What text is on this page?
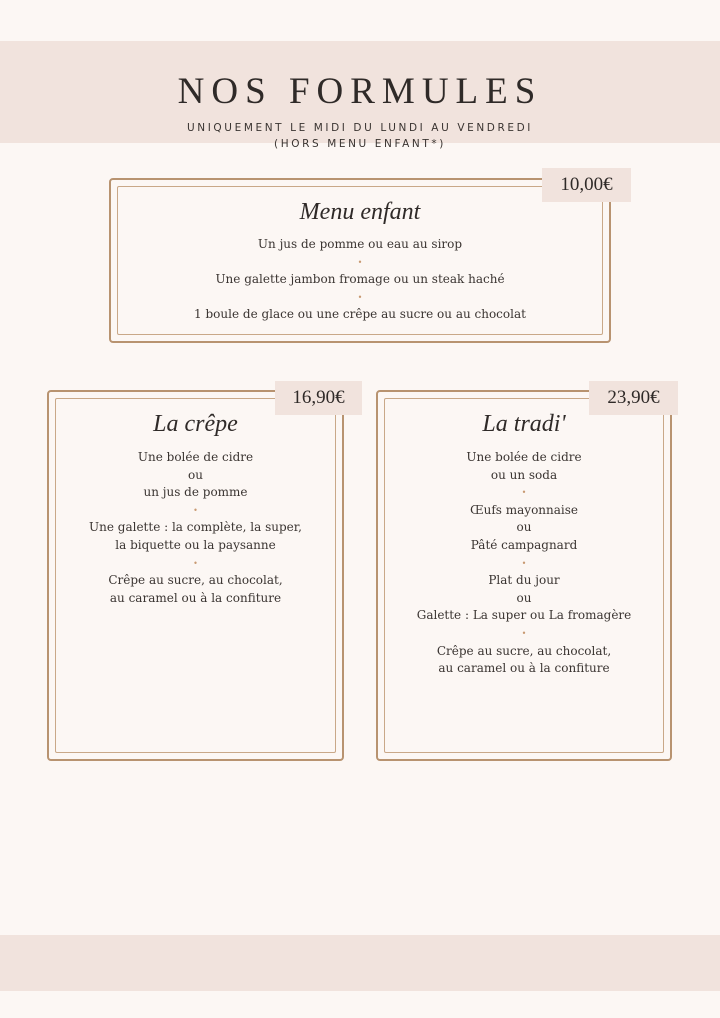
NOS FORMULES
UNIQUEMENT LE MIDI DU LUNDI AU VENDREDI
(HORS MENU ENFANT*)
10,00€
Menu enfant
Un jus de pomme ou eau au sirop
•
Une galette jambon fromage ou un steak haché
•
1 boule de glace ou une crêpe au sucre ou au chocolat
16,90€
La crêpe
Une bolée de cidre
ou
un jus de pomme
•
Une galette : la complète, la super,
la biquette ou la paysanne
•
Crêpe au sucre, au chocolat,
au caramel ou à la confiture
23,90€
La tradi'
Une bolée de cidre
ou un soda
•
Œufs mayonnaise
ou
Pâté campagnard
•
Plat du jour
ou
Galette : La super ou La fromagère
•
Crêpe au sucre, au chocolat,
au caramel ou à la confiture
